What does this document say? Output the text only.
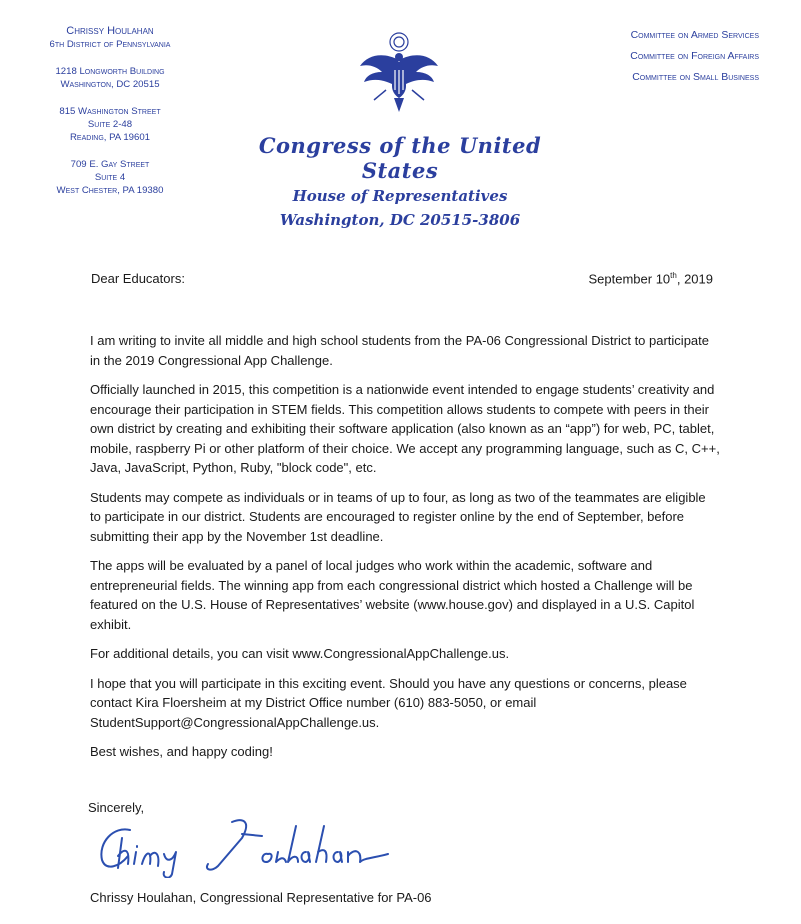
Chrissy Houlahan
6th District of Pennsylvania
1218 Longworth Building
Washington, DC 20515
815 Washington Street
Suite 2-48
Reading, PA 19601
709 E. Gay Street
Suite 4
West Chester, PA 19380
Committee on Armed Services
Committee on Foreign Affairs
Committee on Small Business
Congress of the United States
House of Representatives
Washington, DC 20515-3806
Dear Educators:	September 10th, 2019

I am writing to invite all middle and high school students from the PA-06 Congressional District to participate in the 2019 Congressional App Challenge.

Officially launched in 2015, this competition is a nationwide event intended to engage students’ creativity and encourage their participation in STEM fields. This competition allows students to compete with peers in their own district by creating and exhibiting their software application (also known as an “app”) for web, PC, tablet, mobile, raspberry Pi or other platform of their choice. We accept any programming language, such as C, C++, Java, JavaScript, Python, Ruby, "block code", etc.

Students may compete as individuals or in teams of up to four, as long as two of the teammates are eligible to participate in our district. Students are encouraged to register online by the end of September, before submitting their app by the November 1st deadline.

The apps will be evaluated by a panel of local judges who work within the academic, software and entrepreneurial fields. The winning app from each congressional district which hosted a Challenge will be featured on the U.S. House of Representatives’ website (www.house.gov) and displayed in a U.S. Capitol exhibit.

For additional details, you can visit www.CongressionalAppChallenge.us.

I hope that you will participate in this exciting event. Should you have any questions or concerns, please contact Kira Floersheim at my District Office number (610) 883-5050, or email StudentSupport@CongressionalAppChallenge.us.

Best wishes, and happy coding!

Sincerely,
Chrissy Houlahan, Congressional Representative for PA-06
